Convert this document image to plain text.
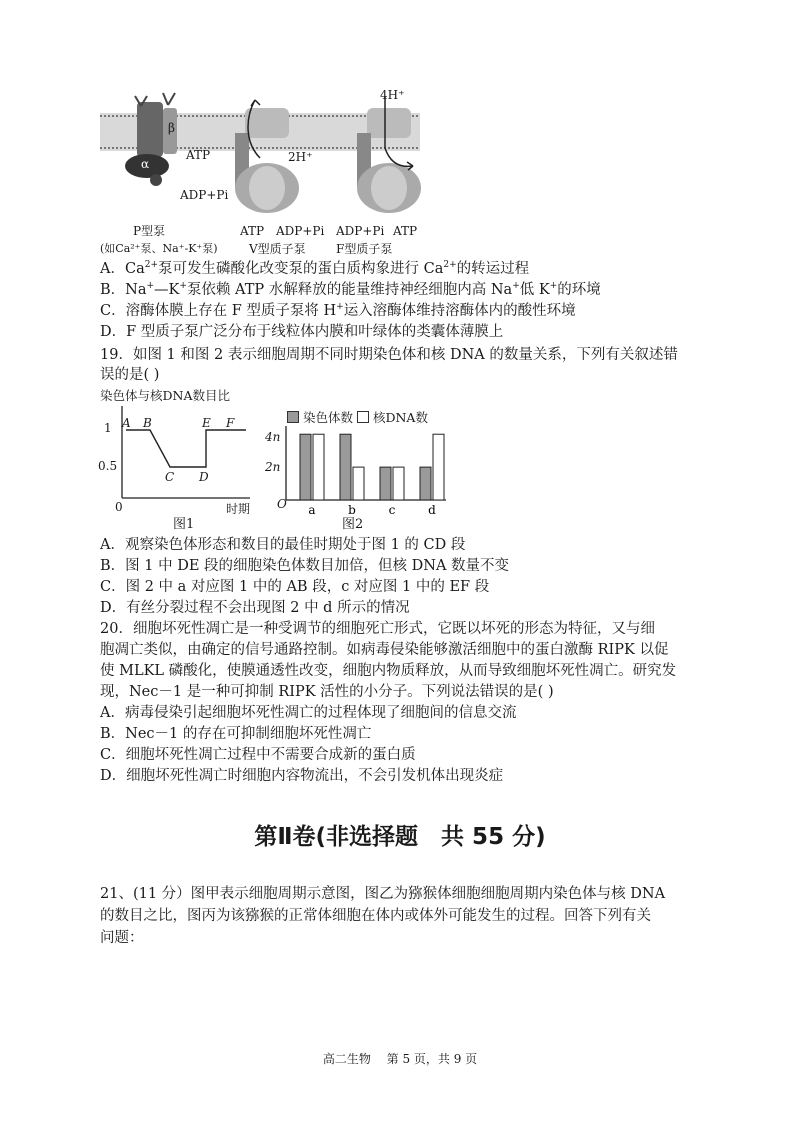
β
α
ATP
ADP+Pi
4H⁺
2H⁺
ATP ADP+Pi ADP+Pi ATP
P型泵
(如Ca²⁺泵、Na⁺-K⁺泵)	V型质子泵	F型质子泵
A．$Ca^{2+}$泵可发生磷酸化改变泵的蛋白质构象进行 $Ca^{2+}$的转运过程
B．Na+—K+泵依赖 ATP 水解释放的能量维持神经细胞内高 Na+低 K+的环境
C．溶酶体膜上存在 F 型质子泵将 H+运入溶酶体维持溶酶体内的酸性环境
D．F 型质子泵广泛分布于线粒体内膜和叶绿体的类囊体薄膜上
19．如图 1 和图 2 表示细胞周期不同时期染色体和核 DNA 的数量关系，下列有关叙述错
误的是( )
染色体与核DNA数目比
1
0.5
0	时期
A B
C D
E F
图1
染色体数 核DNA数
a	b	c	d
4n
2n
O
图2
A．观察染色体形态和数目的最佳时期处于图 1 的 CD 段
B．图 1 中 DE 段的细胞染色体数目加倍，但核 DNA 数量不变
C．图 2 中 a 对应图 1 中的 AB 段，c 对应图 1 中的 EF 段
D．有丝分裂过程不会出现图 2 中 d 所示的情况
20．细胞坏死性凋亡是一种受调节的细胞死亡形式，它既以坏死的形态为特征，又与细
胞凋亡类似，由确定的信号通路控制。如病毒侵染能够激活细胞中的蛋白激酶 RIPK 以促
使 MLKL 磷酸化，使膜通透性改变，细胞内物质释放，从而导致细胞坏死性凋亡。研究发
现，Nec－1 是一种可抑制 RIPK 活性的小分子。下列说法错误的是( )
A．病毒侵染引起细胞坏死性凋亡的过程体现了细胞间的信息交流
B．Nec－1 的存在可抑制细胞坏死性凋亡
C．细胞坏死性凋亡过程中不需要合成新的蛋白质
D．细胞坏死性凋亡时细胞内容物流出，不会引发机体出现炎症
第Ⅱ卷(非选择题　共 55 分)
21、(11 分）图甲表示细胞周期示意图，图乙为猕猴体细胞细胞周期内染色体与核 DNA
的数目之比，图丙为该猕猴的正常体细胞在体内或体外可能发生的过程。回答下列有关
问题：
高二生物　 第 5 页，共 9 页
